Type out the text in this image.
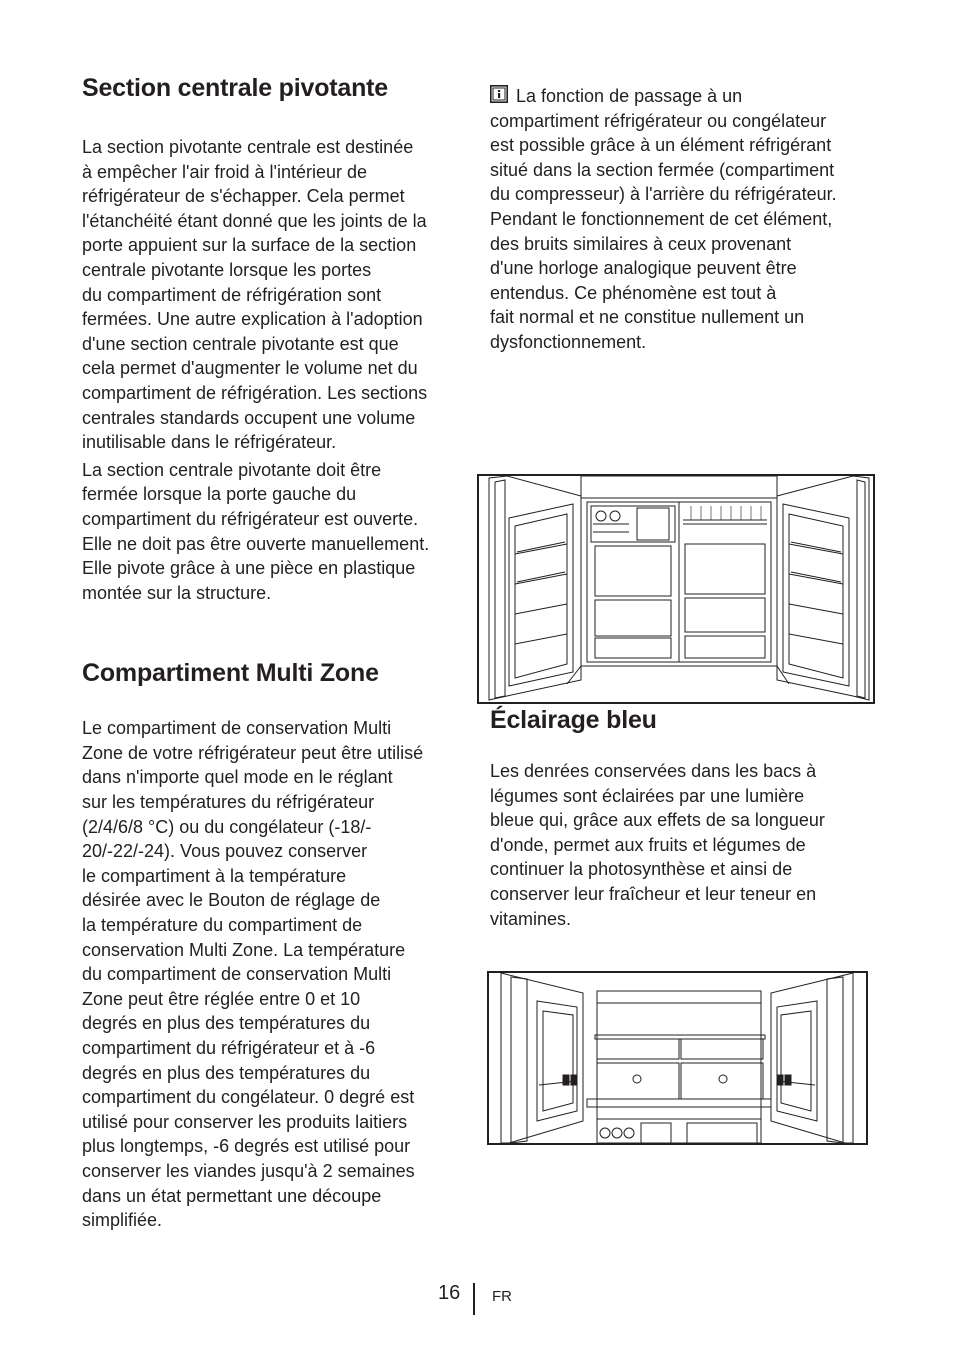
Section centrale pivotante

La section pivotante centrale est destinée
à empêcher l'air froid à l'intérieur de
réfrigérateur de s'échapper. Cela permet
l'étanchéité étant donné que les joints de la
porte appuient sur la surface de la section
centrale pivotante lorsque les portes
du compartiment de réfrigération sont
fermées. Une autre explication à l'adoption
d'une section centrale pivotante est que
cela permet d'augmenter le volume net du
compartiment de réfrigération. Les sections
centrales standards occupent une volume
inutilisable dans le réfrigérateur.

La section centrale pivotante doit être
fermée lorsque la porte gauche du
compartiment du réfrigérateur est ouverte.
Elle ne doit pas être ouverte manuellement.
Elle pivote grâce à une pièce en plastique
montée sur la structure.

Compartiment Multi Zone

Le compartiment de conservation Multi
Zone de votre réfrigérateur peut être utilisé
dans n'importe quel mode en le réglant
sur les températures du réfrigérateur
(2/4/6/8 °C) ou du congélateur (-18/-
20/-22/-24). Vous pouvez conserver
le compartiment à la température
désirée avec le Bouton de réglage de
la température du compartiment de
conservation Multi Zone. La température
du compartiment de conservation Multi
Zone peut être réglée entre 0 et 10
degrés en plus des températures du
compartiment du réfrigérateur et à -6
degrés en plus des températures du
compartiment du congélateur. 0 degré est
utilisé pour conserver les produits laitiers
plus longtemps, -6 degrés est utilisé pour
conserver les viandes jusqu'à 2 semaines
dans un état permettant une découpe
simplifiée.

La fonction de passage à un
compartiment réfrigérateur ou congélateur
est possible grâce à un élément réfrigérant
situé dans la section fermée (compartiment
du compresseur) à l'arrière du réfrigérateur.
Pendant le fonctionnement de cet élément,
des bruits similaires à ceux provenant
d'une horloge analogique peuvent être
entendus. Ce phénomène est tout à
fait normal et ne constitue nullement un
dysfonctionnement.

Éclairage bleu

Les denrées conservées dans les bacs à
légumes sont éclairées par une lumière
bleue qui, grâce aux effets de sa longueur
d'onde, permet aux fruits et légumes de
continuer la photosynthèse et ainsi de
conserver leur fraîcheur et leur teneur en
vitamines.

16 FR
